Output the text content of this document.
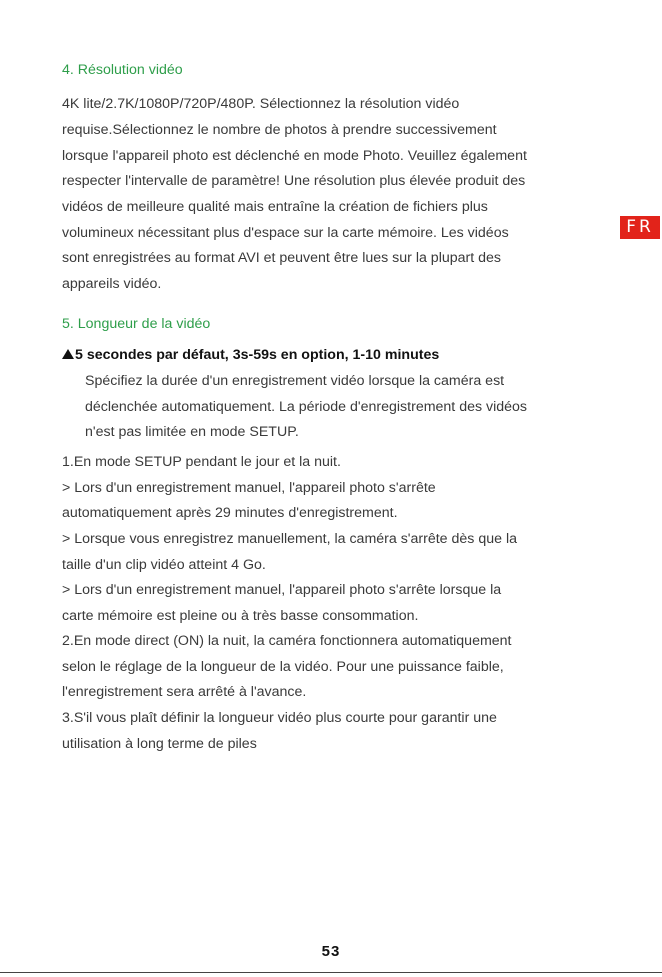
4. Résolution vidéo
4K lite/2.7K/1080P/720P/480P. Sélectionnez la résolution vidéo
requise.Sélectionnez le nombre de photos à prendre successivement
lorsque l'appareil photo est déclenché en mode Photo. Veuillez également
respecter l'intervalle de paramètre! Une résolution plus élevée produit des
vidéos de meilleure qualité mais entraîne la création de fichiers plus
volumineux nécessitant plus d'espace sur la carte mémoire. Les vidéos
sont enregistrées au format AVI et peuvent être lues sur la plupart des
appareils vidéo.
FR
5. Longueur de la vidéo
5 secondes par défaut, 3s-59s en option, 1-10 minutes
Spécifiez la durée d'un enregistrement vidéo lorsque la caméra est
déclenchée automatiquement. La période d'enregistrement des vidéos
n'est pas limitée en mode SETUP.
1.En mode SETUP pendant le jour et la nuit.
> Lors d'un enregistrement manuel, l'appareil photo s'arrête
automatiquement après 29 minutes d'enregistrement.
> Lorsque vous enregistrez manuellement, la caméra s'arrête dès que la
taille d'un clip vidéo atteint 4 Go.
> Lors d'un enregistrement manuel, l'appareil photo s'arrête lorsque la
carte mémoire est pleine ou à très basse consommation.
2.En mode direct (ON) la nuit, la caméra fonctionnera automatiquement
selon le réglage de la longueur de la vidéo. Pour une puissance faible,
l'enregistrement sera arrêté à l'avance.
3.S'il vous plaît définir la longueur vidéo plus courte pour garantir une
utilisation à long terme de piles
53
